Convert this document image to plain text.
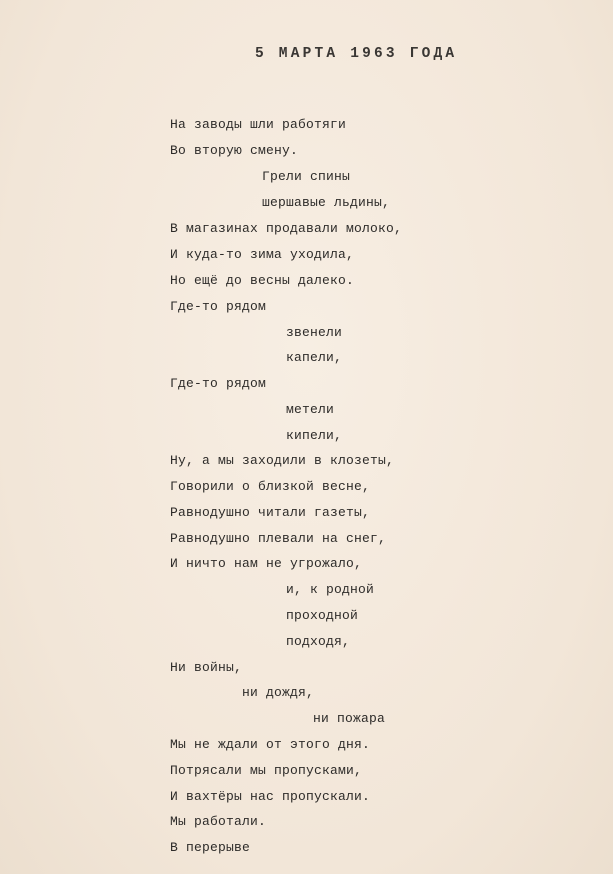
5 МАРТА 1963 ГОДА
На заводы шли работяги
Во вторую смену.
Грели спины
шершавые льдины,
В магазинах продавали молоко,
И куда-то зима уходила,
Но ещё до весны далеко.
Где-то рядом
звенели
капели,
Где-то рядом
метели
кипели,
Ну, а мы заходили в клозеты,
Говорили о близкой весне,
Равнодушно читали газеты,
Равнодушно плевали на снег,
И ничто нам не угрожало,
и, к родной
проходной
подходя,
Ни войны,
ни дождя,
ни пожара
Мы не ждали от этого дня.
Потрясали мы пропусками,
И вахтёры нас пропускали.
Мы работали.
В перерыве
